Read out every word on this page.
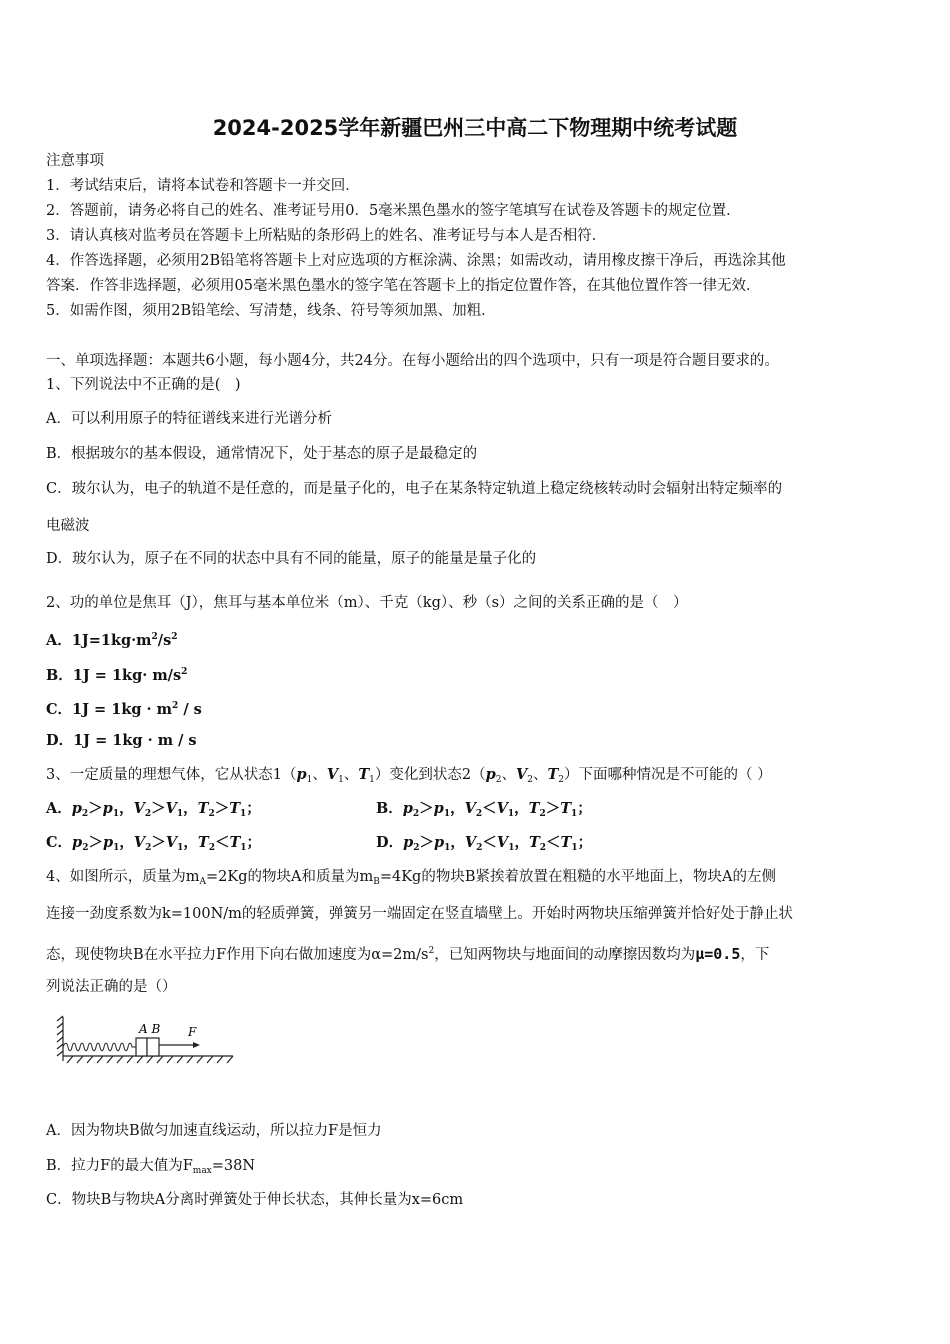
2024-2025学年新疆巴州三中高二下物理期中统考试题
注意事项
1．考试结束后，请将本试卷和答题卡一并交回．
2．答题前，请务必将自己的姓名、准考证号用0．5毫米黑色墨水的签字笔填写在试卷及答题卡的规定位置．
3．请认真核对监考员在答题卡上所粘贴的条形码上的姓名、准考证号与本人是否相符．
4．作答选择题，必须用2B铅笔将答题卡上对应选项的方框涂满、涂黑；如需改动，请用橡皮擦干净后，再选涂其他
答案．作答非选择题，必须用05毫米黑色墨水的签字笔在答题卡上的指定位置作答，在其他位置作答一律无效．
5．如需作图，须用2B铅笔绘、写清楚，线条、符号等须加黑、加粗．
一、单项选择题：本题共6小题，每小题4分，共24分。在每小题给出的四个选项中，只有一项是符合题目要求的。
1、下列说法中不正确的是(　)
A．可以利用原子的特征谱线来进行光谱分析
B．根据玻尔的基本假设，通常情况下，处于基态的原子是最稳定的
C．玻尔认为，电子的轨道不是任意的，而是量子化的，电子在某条特定轨道上稳定绕核转动时会辐射出特定频率的
电磁波
D．玻尔认为，原子在不同的状态中具有不同的能量，原子的能量是量子化的
2、功的单位是焦耳（J），焦耳与基本单位米（m）、千克（kg）、秒（s）之间的关系正确的是（　）
A．$1J=1kg\cdot m^2/s^2$
B．$1J = 1kg\cdot m/s^2$
C．$1J = 1kg \cdot m^2 / s$
D．1J = 1kg · m / s
3、一定质量的理想气体，它从状态$1(p_1$、$V_1$、$T_1$）变化到状态$2(p_2$、$V_2$、$T_2$）下面哪种情况是不可能的（ ）
A．$p_2>p_1$，$V_2>V_1$，$T_2>T_1$；	B．$p_2>p_1$，$V_2<V_1$，$T_2>T_1$；
C．$p_2>p_1$，$V_2>V_1$，$T_2<T_1$；	D．$p_2>p_1$，$V_2<V_1$，$T_2<T_1$；
4、如图所示，质量为$m_A=2Kg$的物块A和质量为$m_B=4Kg$的物块B紧挨着放置在粗糙的水平地面上，物块A的左侧
连接一劲度系数为k=100N/m的轻质弹簧，弹簧另一端固定在竖直墙壁上。开始时两物块压缩弹簧并恰好处于静止状
态，现使物块B在水平拉力F作用下向右做加速度为$\alpha=2m/s^2$，已知两物块与地面间的动摩擦因数均为μ=0.5，下
列说法正确的是（）
A B F
A．因为物块B做匀加速直线运动，所以拉力F是恒力
B．拉力F的最大值为$F_{max}=38N$
C．物块B与物块A分离时弹簧处于伸长状态，其伸长量为x=6cm
